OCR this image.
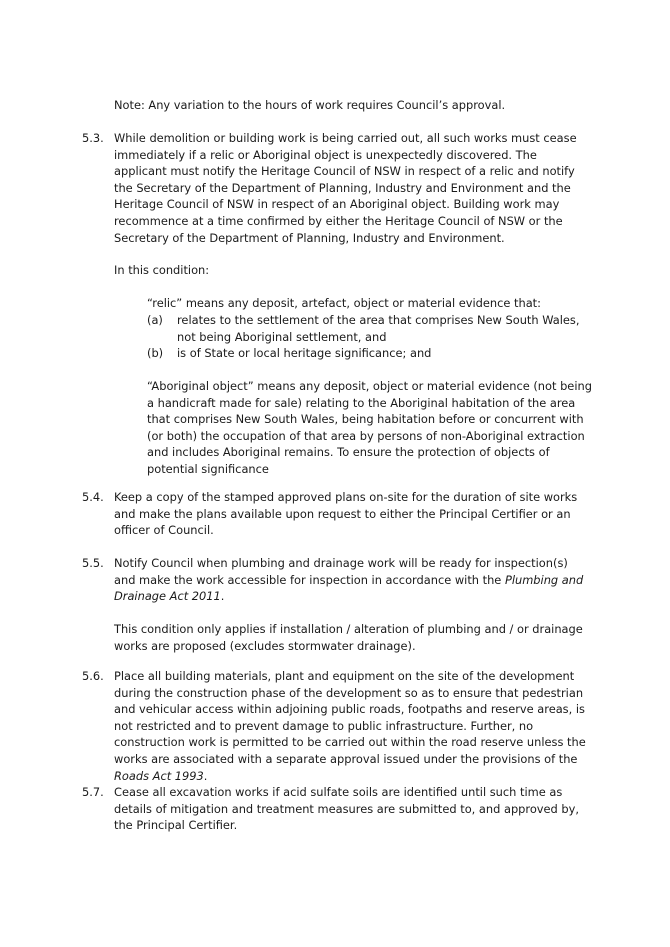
Note: Any variation to the hours of work requires Council’s approval.

5.3. While demolition or building work is being carried out, all such works must cease immediately if a relic or Aboriginal object is unexpectedly discovered. The applicant must notify the Heritage Council of NSW in respect of a relic and notify the Secretary of the Department of Planning, Industry and Environment and the Heritage Council of NSW in respect of an Aboriginal object. Building work may recommence at a time confirmed by either the Heritage Council of NSW or the Secretary of the Department of Planning, Industry and Environment.

In this condition:

“relic” means any deposit, artefact, object or material evidence that:

(a) relates to the settlement of the area that comprises New South Wales, not being Aboriginal settlement, and

(b) is of State or local heritage significance; and

“Aboriginal object” means any deposit, object or material evidence (not being a handicraft made for sale) relating to the Aboriginal habitation of the area that comprises New South Wales, being habitation before or concurrent with (or both) the occupation of that area by persons of non-Aboriginal extraction and includes Aboriginal remains. To ensure the protection of objects of potential significance

5.4. Keep a copy of the stamped approved plans on-site for the duration of site works and make the plans available upon request to either the Principal Certifier or an officer of Council.

5.5. Notify Council when plumbing and drainage work will be ready for inspection(s) and make the work accessible for inspection in accordance with the Plumbing and Drainage Act 2011.

This condition only applies if installation / alteration of plumbing and / or drainage works are proposed (excludes stormwater drainage).

5.6. Place all building materials, plant and equipment on the site of the development during the construction phase of the development so as to ensure that pedestrian and vehicular access within adjoining public roads, footpaths and reserve areas, is not restricted and to prevent damage to public infrastructure. Further, no construction work is permitted to be carried out within the road reserve unless the works are associated with a separate approval issued under the provisions of the Roads Act 1993.

5.7. Cease all excavation works if acid sulfate soils are identified until such time as details of mitigation and treatment measures are submitted to, and approved by, the Principal Certifier.
